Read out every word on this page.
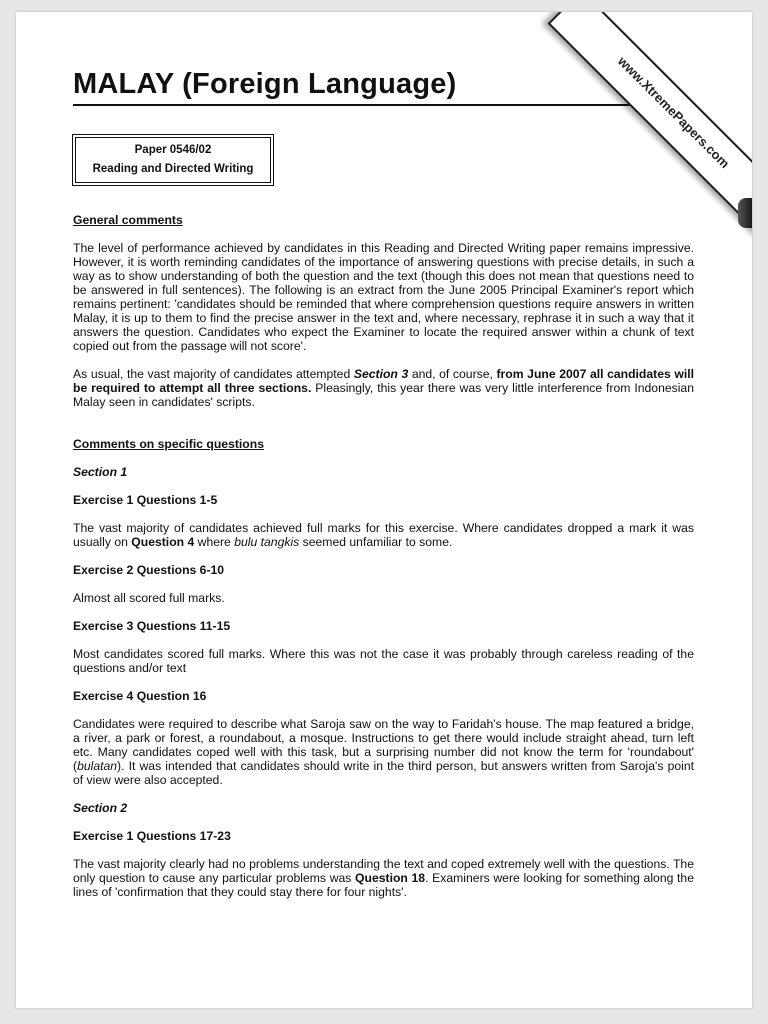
MALAY (Foreign Language)
Paper 0546/02
Reading and Directed Writing	www.XtremePapers.com

General comments

The level of performance achieved by candidates in this Reading and Directed Writing paper remains impressive. However, it is worth reminding candidates of the importance of answering questions with precise details, in such a way as to show understanding of both the question and the text (though this does not mean that questions need to be answered in full sentences). The following is an extract from the June 2005 Principal Examiner's report which remains pertinent: 'candidates should be reminded that where comprehension questions require answers in written Malay, it is up to them to find the precise answer in the text and, where necessary, rephrase it in such a way that it answers the question. Candidates who expect the Examiner to locate the required answer within a chunk of text copied out from the passage will not score'.

As usual, the vast majority of candidates attempted Section 3 and, of course, from June 2007 all candidates will be required to attempt all three sections. Pleasingly, this year there was very little interference from Indonesian Malay seen in candidates' scripts.

Comments on specific questions

Section 1

Exercise 1 Questions 1-5

The vast majority of candidates achieved full marks for this exercise. Where candidates dropped a mark it was usually on Question 4 where bulu tangkis seemed unfamiliar to some.

Exercise 2 Questions 6-10

Almost all scored full marks.

Exercise 3 Questions 11-15

Most candidates scored full marks. Where this was not the case it was probably through careless reading of the questions and/or text

Exercise 4 Question 16

Candidates were required to describe what Saroja saw on the way to Faridah's house. The map featured a bridge, a river, a park or forest, a roundabout, a mosque. Instructions to get there would include straight ahead, turn left etc. Many candidates coped well with this task, but a surprising number did not know the term for 'roundabout' (bulatan). It was intended that candidates should write in the third person, but answers written from Saroja's point of view were also accepted.

Section 2

Exercise 1 Questions 17-23

The vast majority clearly had no problems understanding the text and coped extremely well with the questions. The only question to cause any particular problems was Question 18. Examiners were looking for something along the lines of 'confirmation that they could stay there for four nights'.
